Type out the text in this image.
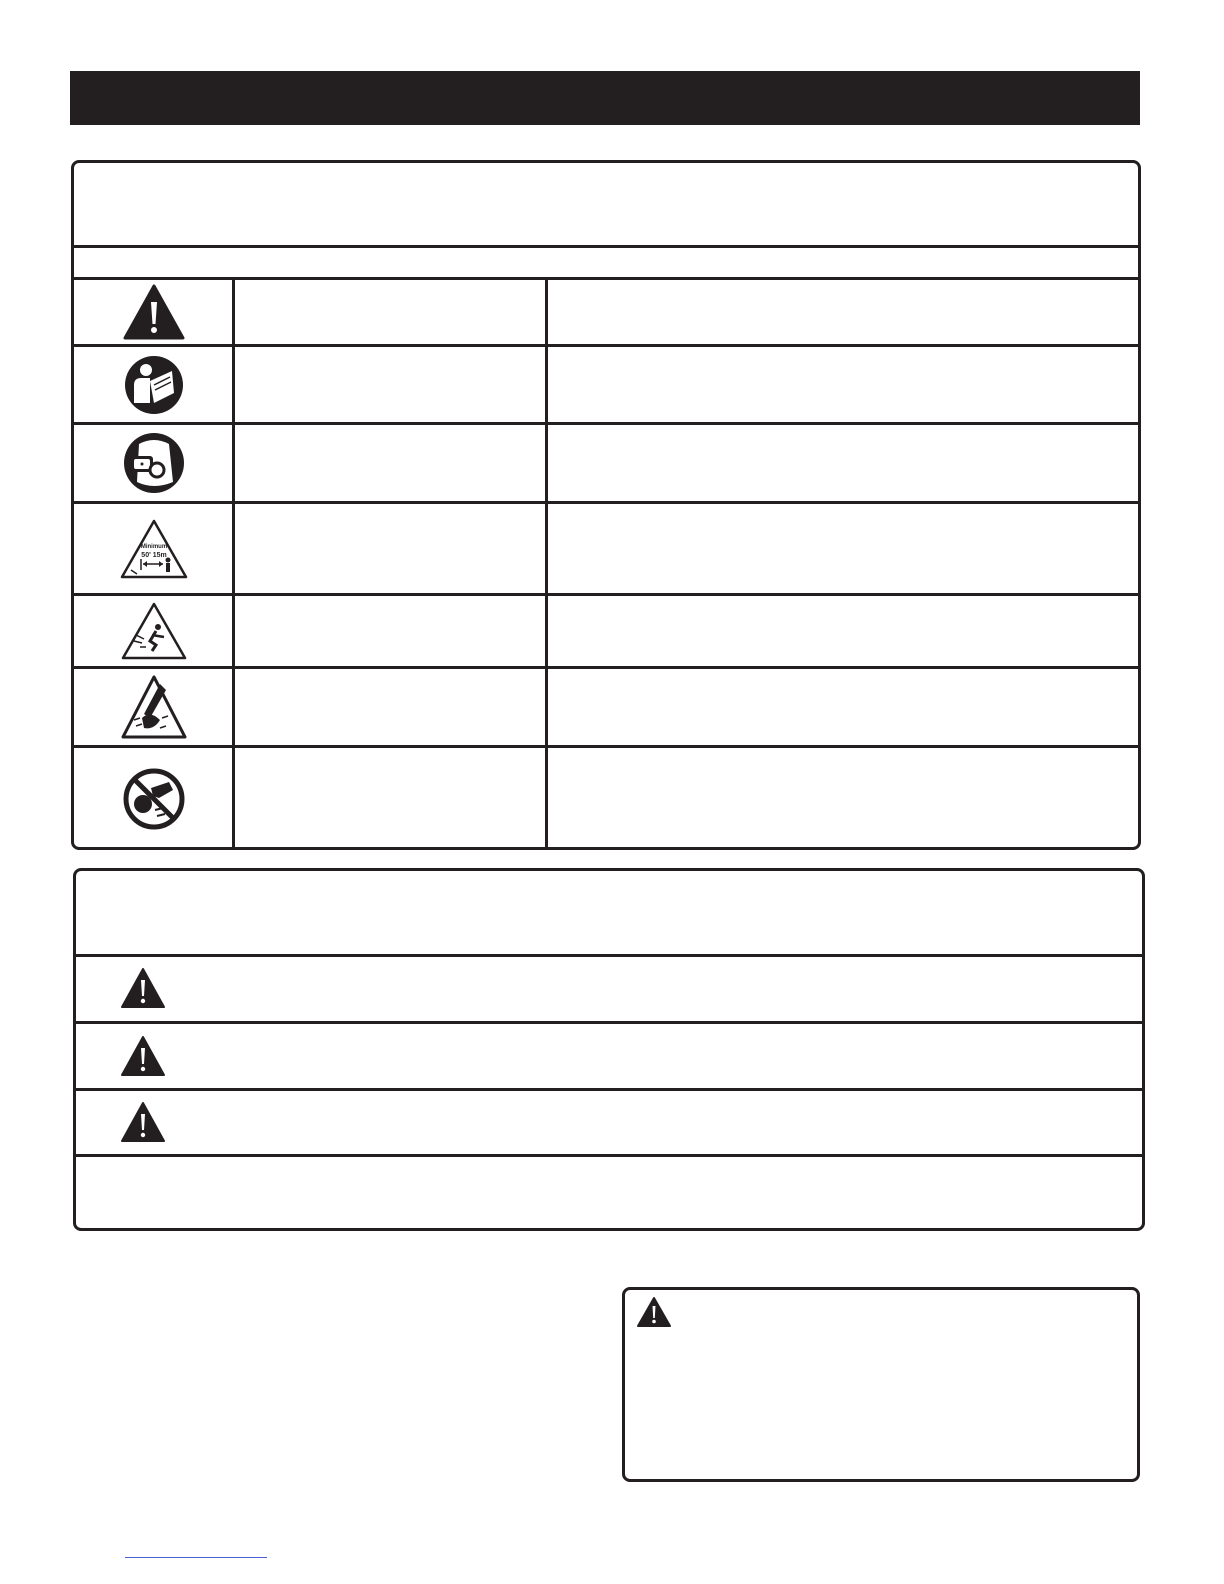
Minimum
50' 15m
